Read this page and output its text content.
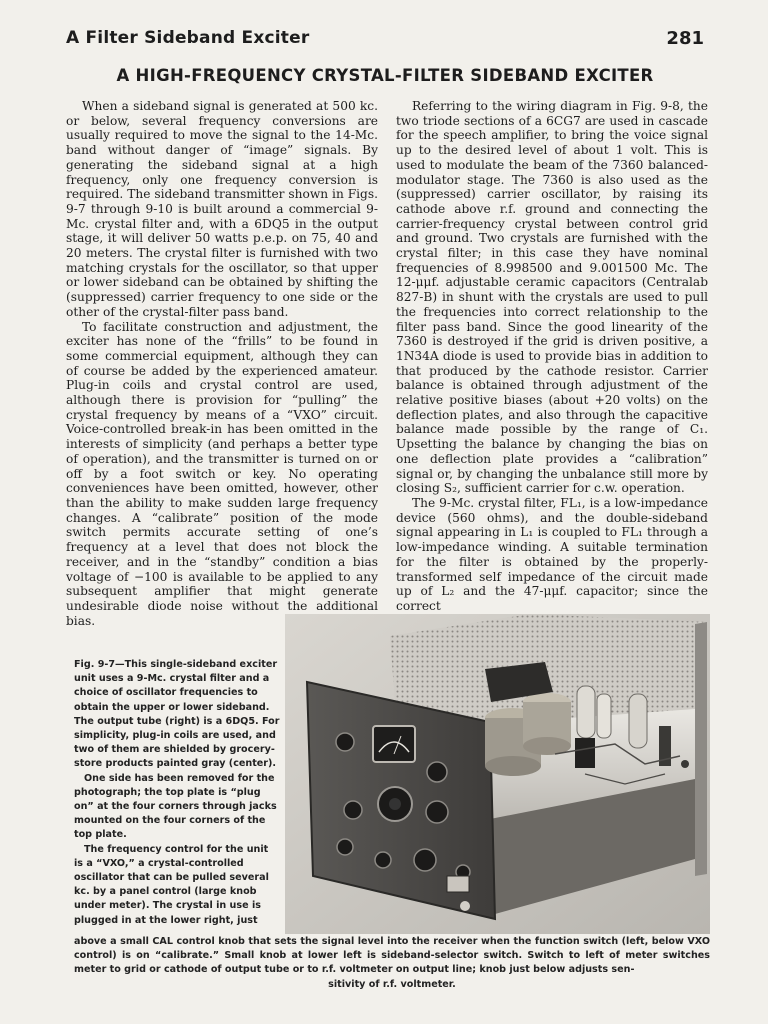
A Filter Sideband Exciter	281
A HIGH-FREQUENCY CRYSTAL-FILTER SIDEBAND EXCITER

When a sideband signal is generated at 500 kc. or below, several frequency conversions are usually required to move the signal to the 14-Mc. band without danger of “image” signals. By generating the sideband signal at a high frequency, only one frequency conversion is required. The sideband transmitter shown in Figs. 9-7 through 9-10 is built around a commercial 9-Mc. crystal filter and, with a 6DQ5 in the output stage, it will deliver 50 watts p.e.p. on 75, 40 and 20 meters. The crystal filter is furnished with two matching crystals for the oscillator, so that upper or lower sideband can be obtained by shifting the (suppressed) carrier frequency to one side or the other of the crystal-filter pass band.

To facilitate construction and adjustment, the exciter has none of the “frills” to be found in some commercial equipment, although they can of course be added by the experienced amateur. Plug-in coils and crystal control are used, although there is provision for “pulling” the crystal frequency by means of a “VXO” circuit. Voice-controlled break-in has been omitted in the interests of simplicity (and perhaps a better type of operation), and the transmitter is turned on or off by a foot switch or key. No operating conveniences have been omitted, however, other than the ability to make sudden large frequency changes. A “calibrate” position of the mode switch permits accurate setting of one’s frequency at a level that does not block the receiver, and in the “standby” condition a bias voltage of −100 is available to be applied to any subsequent amplifier that might generate undesirable diode noise without the additional bias.

Referring to the wiring diagram in Fig. 9-8, the two triode sections of a 6CG7 are used in cascade for the speech amplifier, to bring the voice signal up to the desired level of about 1 volt. This is used to modulate the beam of the 7360 balanced-modulator stage. The 7360 is also used as the (suppressed) carrier oscillator, by raising its cathode above r.f. ground and connecting the carrier-frequency crystal between control grid and ground. Two crystals are furnished with the crystal filter; in this case they have nominal frequencies of 8.998500 and 9.001500 Mc. The 12-μμf. adjustable ceramic capacitors (Centralab 827-B) in shunt with the crystals are used to pull the frequencies into correct relationship to the filter pass band. Since the good linearity of the 7360 is destroyed if the grid is driven positive, a 1N34A diode is used to provide bias in addition to that produced by the cathode resistor. Carrier balance is obtained through adjustment of the relative positive biases (about +20 volts) on the deflection plates, and also through the capacitive balance made possible by the range of C₁. Upsetting the balance by changing the bias on one deflection plate provides a “calibration” signal or, by changing the unbalance still more by closing S₂, sufficient carrier for c.w. operation.

The 9-Mc. crystal filter, FL₁, is a low-impedance device (560 ohms), and the double-sideband signal appearing in L₁ is coupled to FL₁ through a low-impedance winding. A suitable termination for the filter is obtained by the properly-transformed self impedance of the circuit made up of L₂ and the 47-μμf. capacitor; since the correct

Fig. 9-7—This single-sideband exciter unit uses a 9-Mc. crystal filter and a choice of oscillator frequencies to obtain the upper or lower sideband. The output tube (right) is a 6DQ5. For simplicity, plug-in coils are used, and two of them are shielded by grocery-store products painted gray (center).

One side has been removed for the photograph; the top plate is “plug on” at the four corners through jacks mounted on the four corners of the top plate.

The frequency control for the unit is a “VXO,” a crystal-controlled oscillator that can be pulled several kc. by a panel control (large knob under meter). The crystal in use is plugged in at the lower right, just

above a small CAL control knob that sets the signal level into the receiver when the function switch (left, below VXO control) is on “calibrate.” Small knob at lower left is sideband-selector switch. Switch to left of meter switches meter to grid or cathode of output tube or to r.f. voltmeter on output line; knob just below adjusts sen-
sitivity of r.f. voltmeter.
